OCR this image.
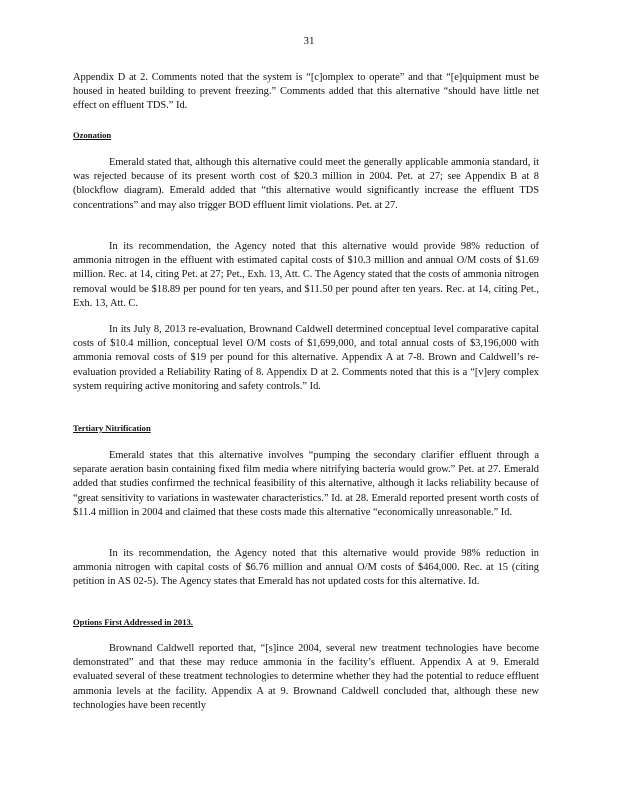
31

Appendix D at 2. Comments noted that the system is “[c]omplex to operate” and that “[e]quipment must be housed in heated building to prevent freezing.” Comments added that this alternative “should have little net effect on effluent TDS.” Id.

Ozonation

Emerald stated that, although this alternative could meet the generally applicable ammonia standard, it was rejected because of its present worth cost of $20.3 million in 2004. Pet. at 27; see Appendix B at 8 (blockflow diagram). Emerald added that “this alternative would significantly increase the effluent TDS concentrations” and may also trigger BOD effluent limit violations. Pet. at 27.

In its recommendation, the Agency noted that this alternative would provide 98% reduction of ammonia nitrogen in the effluent with estimated capital costs of $10.3 million and annual O/M costs of $1.69 million. Rec. at 14, citing Pet. at 27; Pet., Exh. 13, Att. C. The Agency stated that the costs of ammonia nitrogen removal would be $18.89 per pound for ten years, and $11.50 per pound after ten years. Rec. at 14, citing Pet., Exh. 13, Att. C.

In its July 8, 2013 re-evaluation, Brownand Caldwell determined conceptual level comparative capital costs of $10.4 million, conceptual level O/M costs of $1,699,000, and total annual costs of $3,196,000 with ammonia removal costs of $19 per pound for this alternative. Appendix A at 7-8. Brown and Caldwell’s re-evaluation provided a Reliability Rating of 8. Appendix D at 2. Comments noted that this is a “[v]ery complex system requiring active monitoring and safety controls.” Id.

Tertiary Nitrification

Emerald states that this alternative involves “pumping the secondary clarifier effluent through a separate aeration basin containing fixed film media where nitrifying bacteria would grow.” Pet. at 27. Emerald added that studies confirmed the technical feasibility of this alternative, although it lacks reliability because of “great sensitivity to variations in wastewater characteristics.” Id. at 28. Emerald reported present worth costs of $11.4 million in 2004 and claimed that these costs made this alternative “economically unreasonable.” Id.

In its recommendation, the Agency noted that this alternative would provide 98% reduction in ammonia nitrogen with capital costs of $6.76 million and annual O/M costs of $464,000. Rec. at 15 (citing petition in AS 02-5). The Agency states that Emerald has not updated costs for this alternative. Id.

Options First Addressed in 2013.

Brownand Caldwell reported that, “[s]ince 2004, several new treatment technologies have become demonstrated” and that these may reduce ammonia in the facility’s effluent. Appendix A at 9. Emerald evaluated several of these treatment technologies to determine whether they had the potential to reduce effluent ammonia levels at the facility. Appendix A at 9. Brownand Caldwell concluded that, although these new technologies have been recently
